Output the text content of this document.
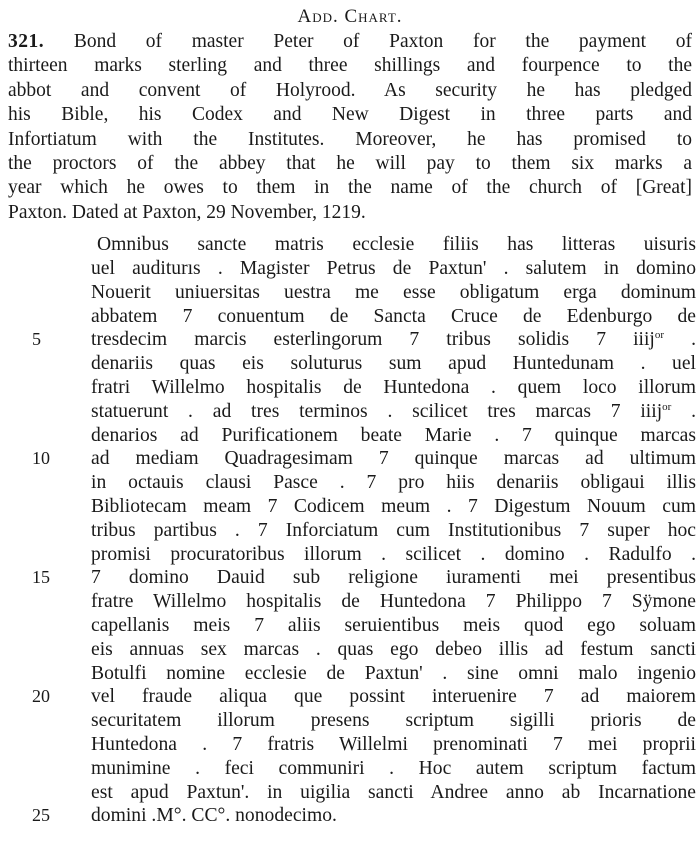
Add. Chart.
321. Bond of master Peter of Paxton for the payment of
thirteen marks sterling and three shillings and fourpence to the
abbot and convent of Holyrood. As security he has pledged
his Bible, his Codex and New Digest in three parts and
Infortiatum with the Institutes. Moreover, he has promised to
the proctors of the abbey that he will pay to them six marks a
year which he owes to them in the name of the church of [Great]
Paxton. Dated at Paxton, 29 November, 1219.
Omnibus sancte matris ecclesie filiis has litteras uisuris
uel auditurıs . Magister Petrus de Paxtun' . salutem in domino
Nouerit uniuersitas uestra me esse obligatum erga dominum
abbatem 7 conuentum de Sancta Cruce de Edenburgo de
tresdecim marcis esterlingorum 7 tribus solidis 7 iiij$^{or}$ .
5
denariis quas eis soluturus sum apud Huntedunam . uel
fratri Willelmo hospitalis de Huntedona . quem loco illorum
statuerunt . ad tres terminos . scilicet tres marcas 7 iiij$^{or}$ .
denarios ad Purificationem beate Marie . 7 quinque marcas
ad mediam Quadragesimam 7 quinque marcas ad ultimum
10
in octauis clausi Pasce . 7 pro hiis denariis obligaui illis
Bibliotecam meam 7 Codicem meum . 7 Digestum Nouum cum
tribus partibus . 7 Inforciatum cum Institutionibus 7 super hoc
promisi procuratoribus illorum . scilicet . domino . Radulfo .
7 domino Dauid sub religione iuramenti mei presentibus
15
fratre Willelmo hospitalis de Huntedona 7 Philippo 7 Sÿmone
capellanis meis 7 aliis seruientibus meis quod ego soluam
eis annuas sex marcas . quas ego debeo illis ad festum sancti
Botulfi nomine ecclesie de Paxtun' . sine omni malo ingenio
vel fraude aliqua que possint interuenire 7 ad maiorem
20
securitatem illorum presens scriptum sigilli prioris de
Huntedona . 7 fratris Willelmi prenominati 7 mei proprii
munimine . feci communiri . Hoc autem scriptum factum
est apud Paxtun'. in uigilia sancti Andree anno ab Incarnatione
domini .M°. CC°. nonodecimo.
25
